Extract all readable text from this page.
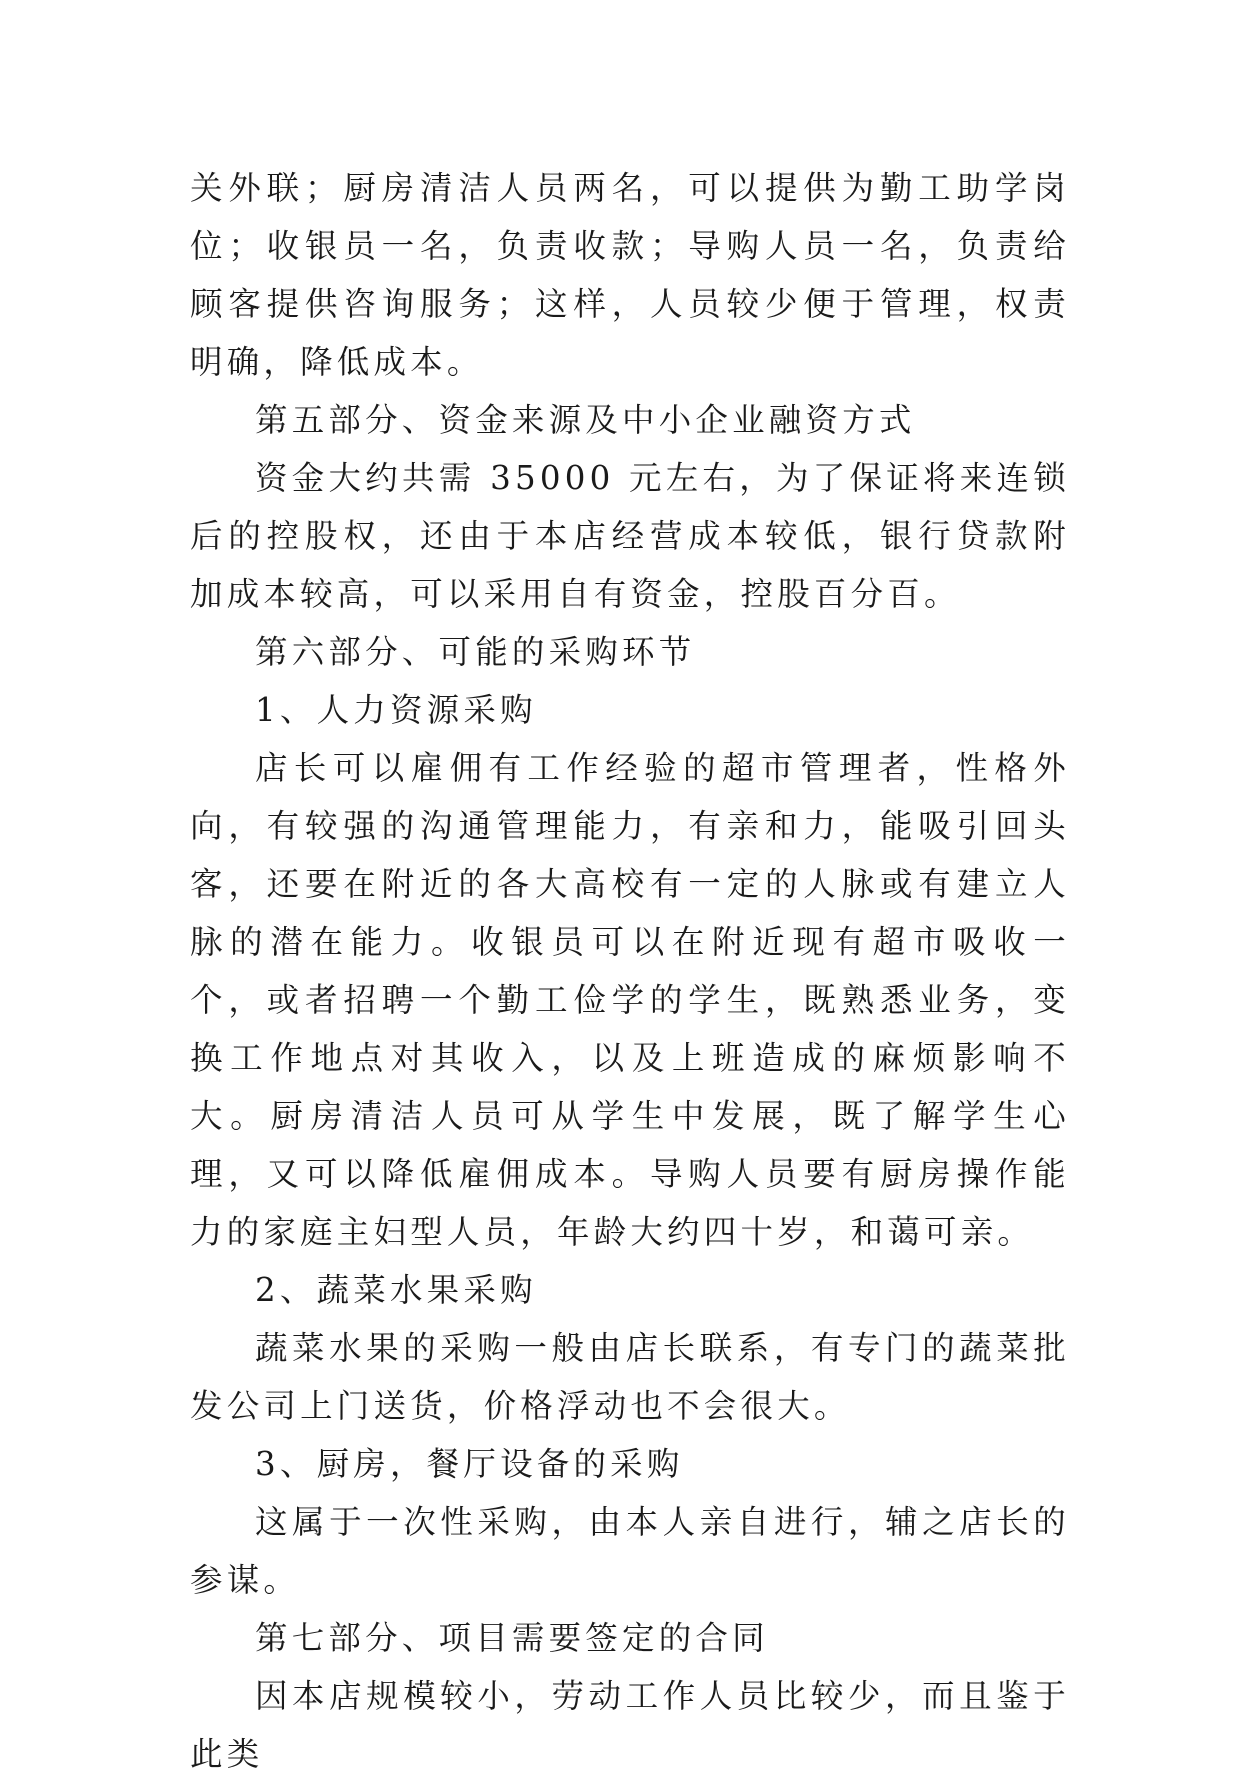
关外联；厨房清洁人员两名，可以提供为勤工助学岗位；收银员一名，负责收款；导购人员一名，负责给顾客提供咨询服务；这样，人员较少便于管理，权责明确，降低成本。

第五部分、资金来源及中小企业融资方式

资金大约共需 35000 元左右，为了保证将来连锁后的控股权，还由于本店经营成本较低，银行贷款附加成本较高，可以采用自有资金，控股百分百。

第六部分、可能的采购环节

1、人力资源采购

店长可以雇佣有工作经验的超市管理者，性格外向，有较强的沟通管理能力，有亲和力，能吸引回头客，还要在附近的各大高校有一定的人脉或有建立人脉的潜在能力。收银员可以在附近现有超市吸收一个，或者招聘一个勤工俭学的学生，既熟悉业务，变换工作地点对其收入，以及上班造成的麻烦影响不大。厨房清洁人员可从学生中发展，既了解学生心理，又可以降低雇佣成本。导购人员要有厨房操作能力的家庭主妇型人员，年龄大约四十岁，和蔼可亲。

2、蔬菜水果采购

蔬菜水果的采购一般由店长联系，有专门的蔬菜批发公司上门送货，价格浮动也不会很大。

3、厨房，餐厅设备的采购

这属于一次性采购，由本人亲自进行，辅之店长的参谋。

第七部分、项目需要签定的合同

因本店规模较小，劳动工作人员比较少，而且鉴于此类
